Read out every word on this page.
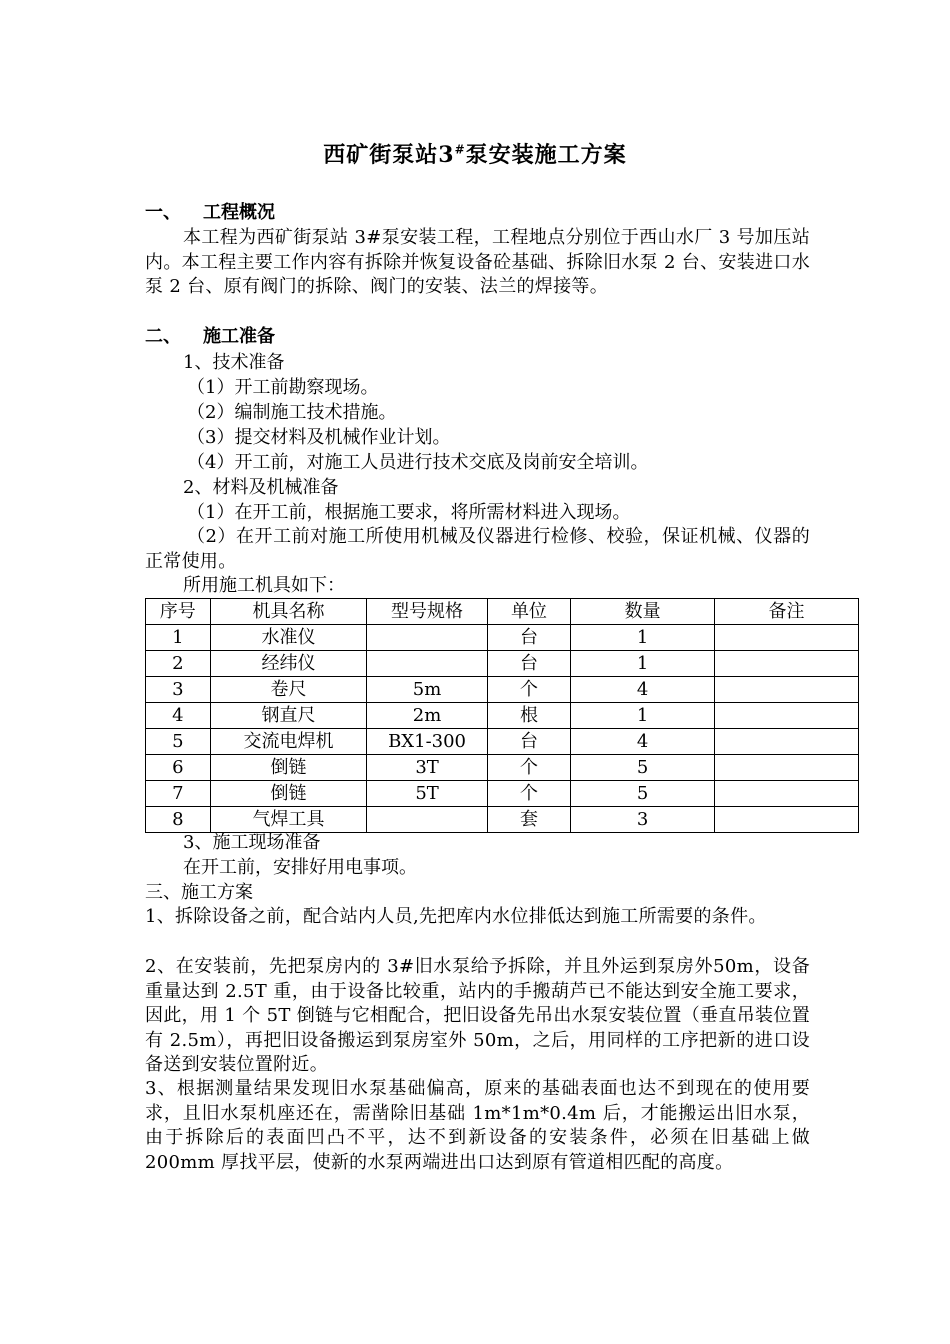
西矿街泵站3#泵安装施工方案
一、 工程概况
本工程为西矿街泵站 3#泵安装工程，工程地点分别位于西山水厂 3 号加压站内。本工程主要工作内容有拆除并恢复设备砼基础、拆除旧水泵 2 台、安装进口水泵 2 台、原有阀门的拆除、阀门的安装、法兰的焊接等。
二、 施工准备
1、技术准备
（1）开工前勘察现场。
（2）编制施工技术措施。
（3）提交材料及机械作业计划。
（4）开工前，对施工人员进行技术交底及岗前安全培训。
2、材料及机械准备
（1）在开工前，根据施工要求，将所需材料进入现场。
（2）在开工前对施工所使用机械及仪器进行检修、校验，保证机械、仪器的正常使用。
所用施工机具如下：
序号	机具名称	型号规格	单位	数量	备注
1	水准仪		台	1	
2	经纬仪		台	1	
3	卷尺	5m	个	4	
4	钢直尺	2m	根	1	
5	交流电焊机	BX1-300	台	4	
6	倒链	3T	个	5	
7	倒链	5T	个	5	
8	气焊工具		套	3	
3、施工现场准备
在开工前，安排好用电事项。
三、施工方案
1、拆除设备之前，配合站内人员,先把库内水位排低达到施工所需要的条件。
2、在安装前，先把泵房内的 3#旧水泵给予拆除，并且外运到泵房外50m，设备重量达到 2.5T 重，由于设备比较重，站内的手搬葫芦已不能达到安全施工要求，因此，用 1 个 5T 倒链与它相配合，把旧设备先吊出水泵安装位置（垂直吊装位置有 2.5m），再把旧设备搬运到泵房室外 50m，之后，用同样的工序把新的进口设备送到安装位置附近。
3、根据测量结果发现旧水泵基础偏高，原来的基础表面也达不到现在的使用要求，且旧水泵机座还在，需凿除旧基础 1m*1m*0.4m 后，才能搬运出旧水泵，由于拆除后的表面凹凸不平，达不到新设备的安装条件，必须在旧基础上做 200mm 厚找平层，使新的水泵两端进出口达到原有管道相匹配的高度。
